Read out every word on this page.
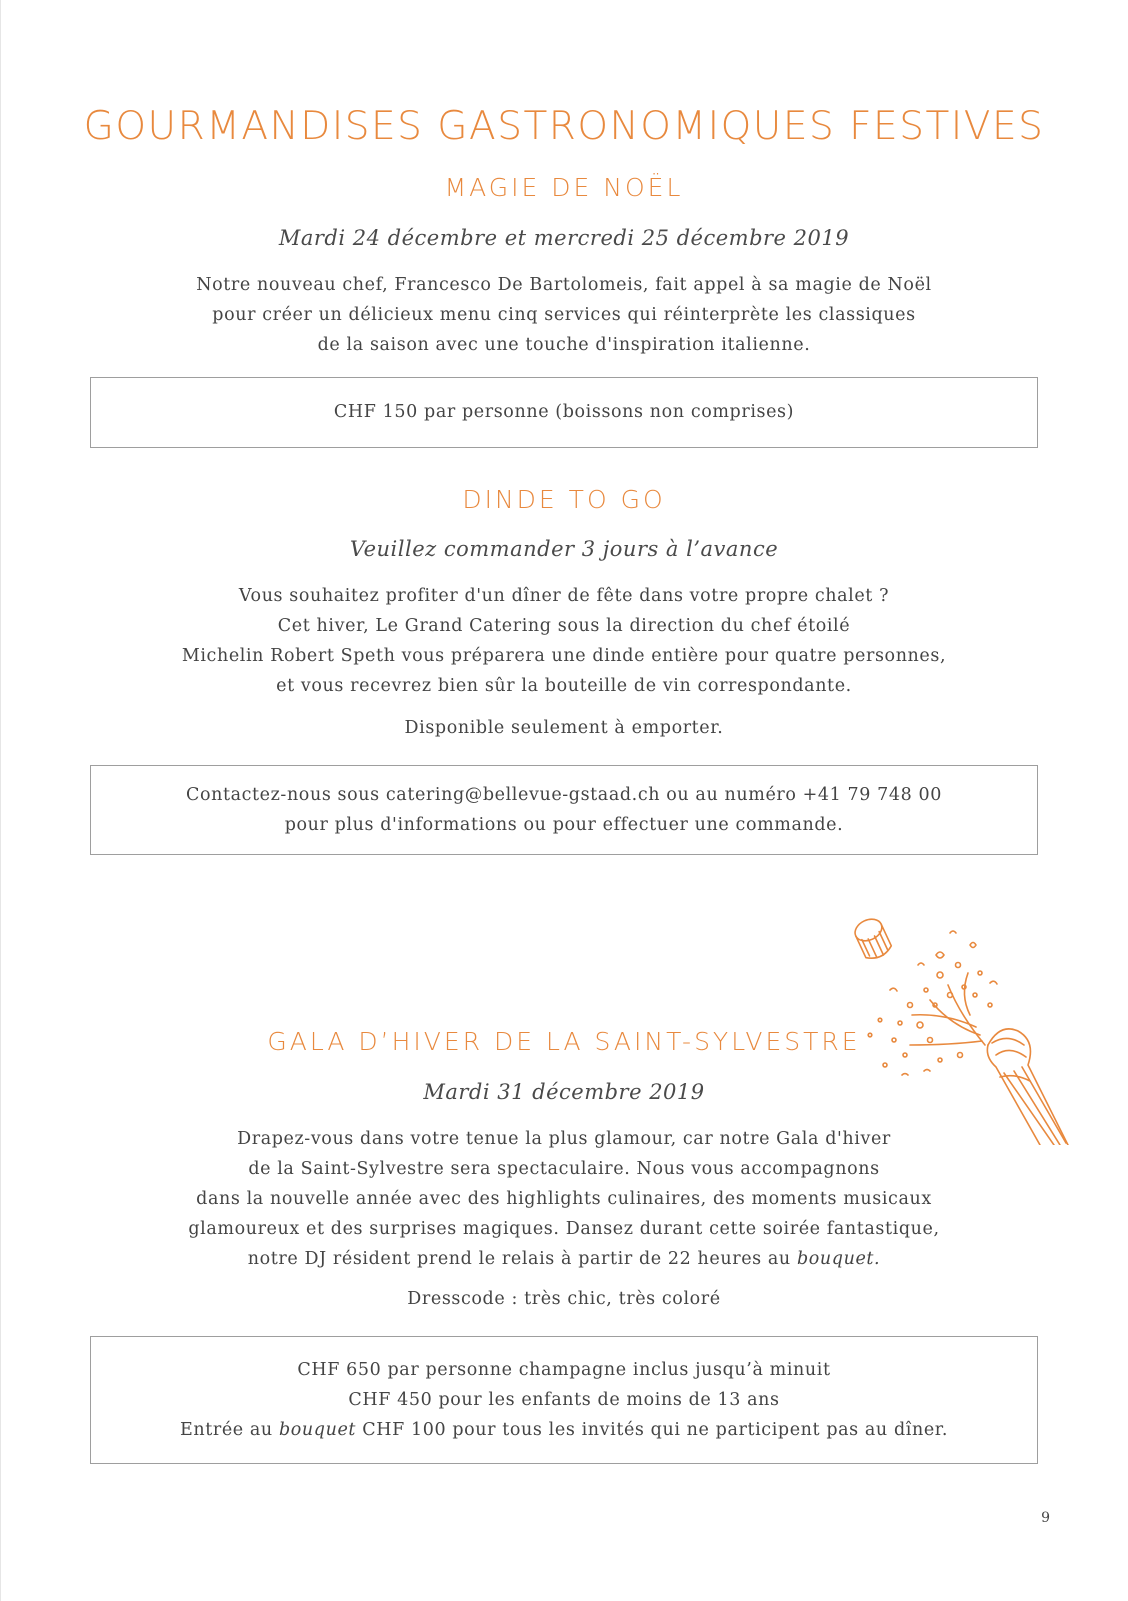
GOURMANDISES GASTRONOMIQUES FESTIVES
MAGIE DE NOËL
Mardi 24 décembre et mercredi 25 décembre 2019
Notre nouveau chef, Francesco De Bartolomeis, fait appel à sa magie de Noël
pour créer un délicieux menu cinq services qui réinterprète les classiques
de la saison avec une touche d'inspiration italienne.
CHF 150 par personne (boissons non comprises)
DINDE TO GO
Veuillez commander 3 jours à l’avance
Vous souhaitez profiter d'un dîner de fête dans votre propre chalet ?
Cet hiver, Le Grand Catering sous la direction du chef étoilé
Michelin Robert Speth vous préparera une dinde entière pour quatre personnes,
et vous recevrez bien sûr la bouteille de vin correspondante.
Disponible seulement à emporter.
Contactez-nous sous catering@bellevue-gstaad.ch ou au numéro +41 79 748 00
pour plus d'informations ou pour effectuer une commande.
GALA D’HIVER DE LA SAINT-SYLVESTRE
Mardi 31 décembre 2019
Drapez-vous dans votre tenue la plus glamour, car notre Gala d'hiver
de la Saint-Sylvestre sera spectaculaire. Nous vous accompagnons
dans la nouvelle année avec des highlights culinaires, des moments musicaux
glamoureux et des surprises magiques. Dansez durant cette soirée fantastique,
notre DJ résident prend le relais à partir de 22 heures au bouquet.
Dresscode : très chic, très coloré
CHF 650 par personne champagne inclus jusqu’à minuit
CHF 450 pour les enfants de moins de 13 ans
Entrée au bouquet CHF 100 pour tous les invités qui ne participent pas au dîner.
9
